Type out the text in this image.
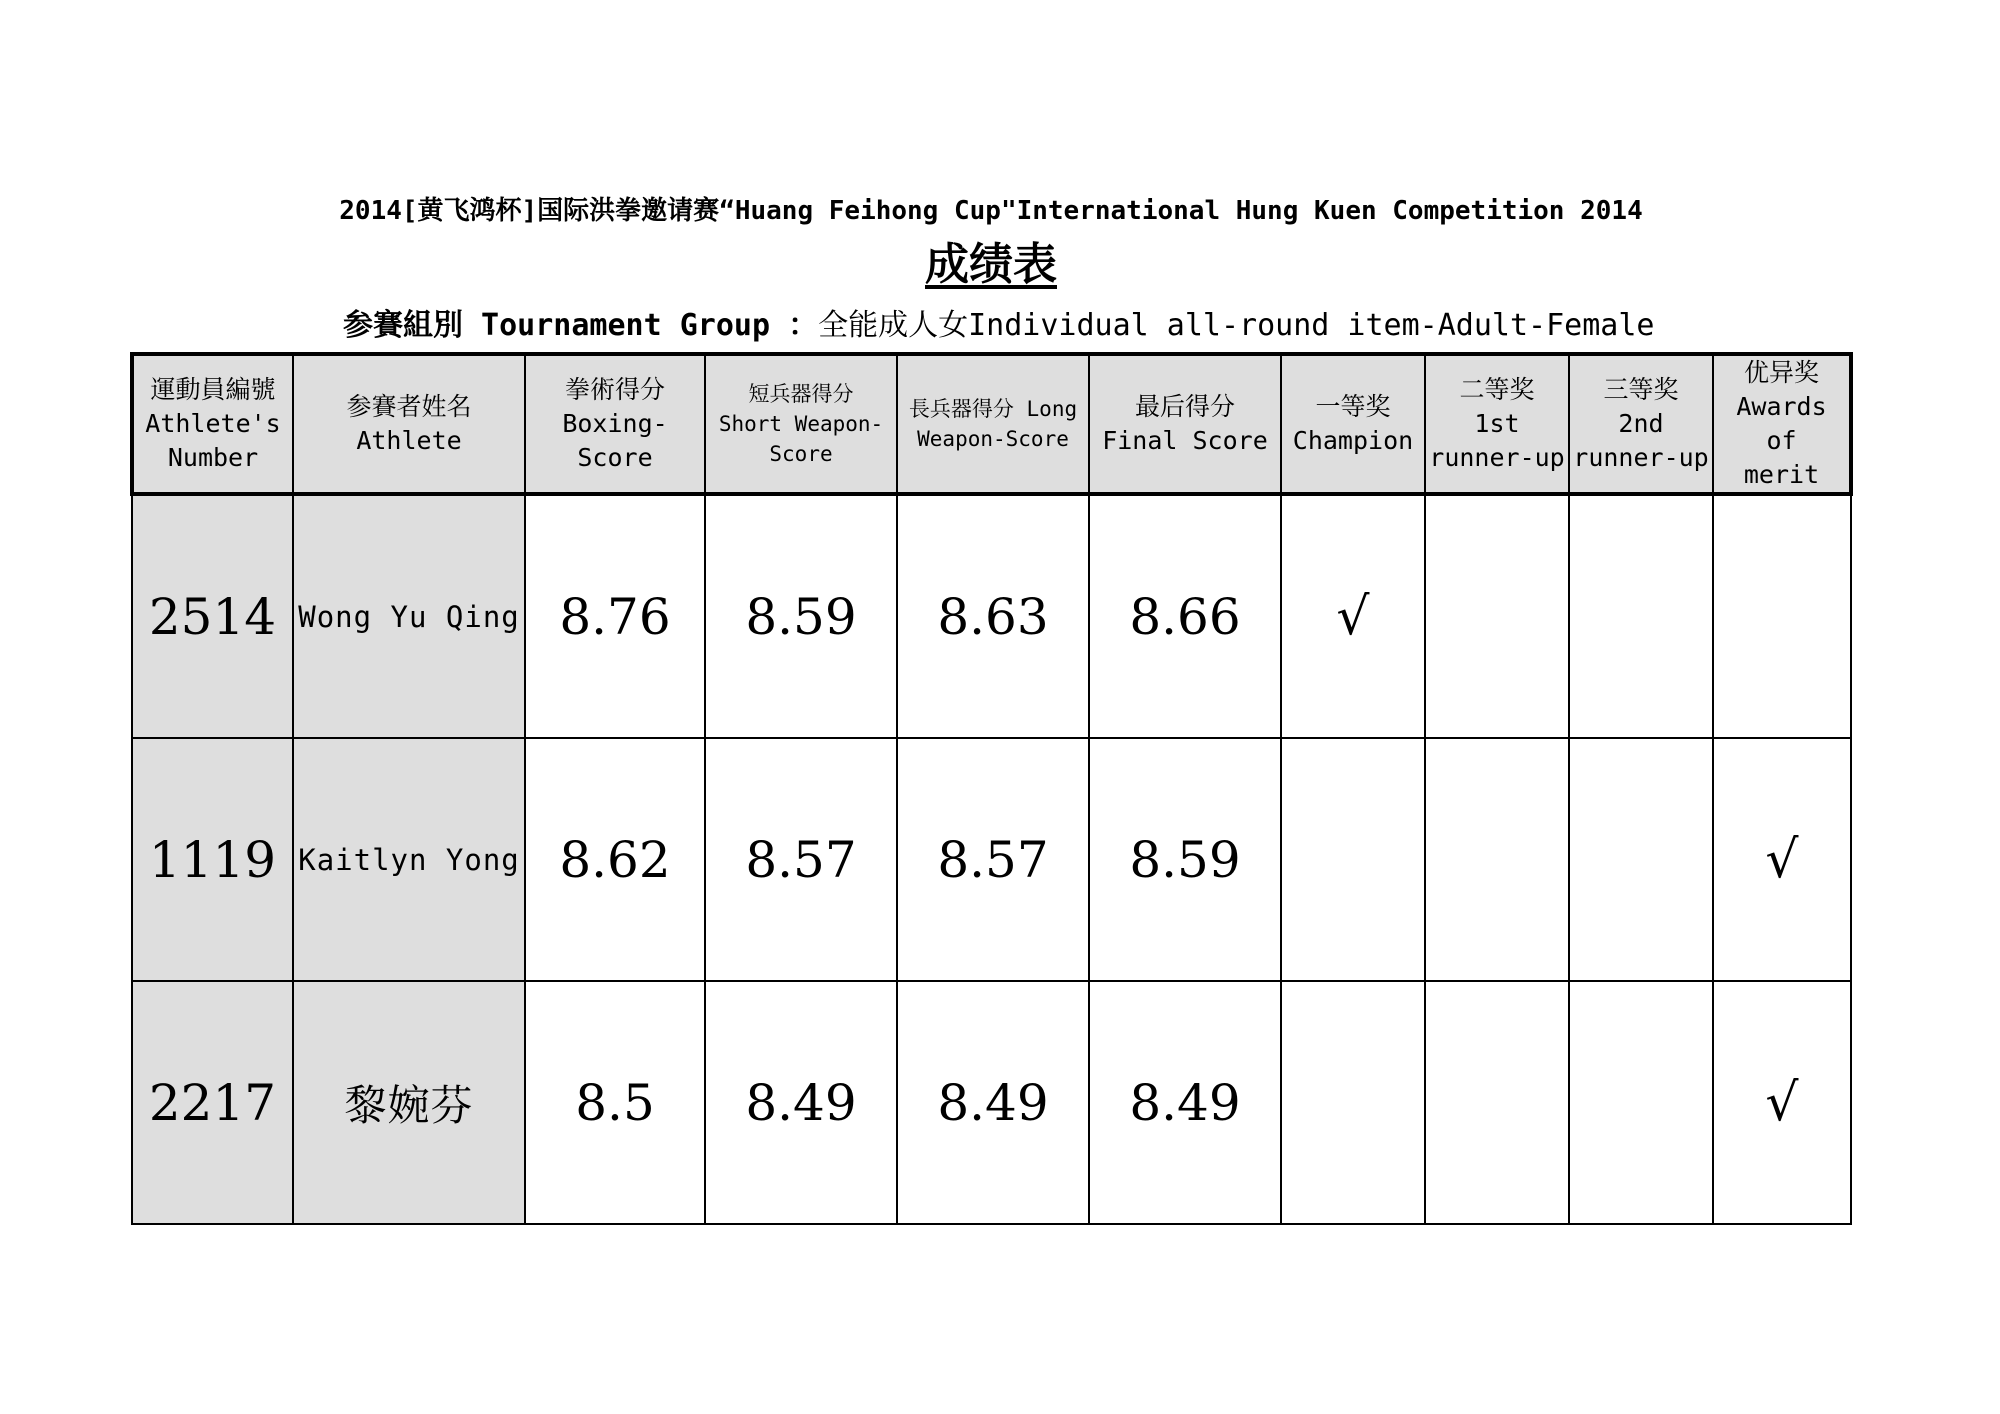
2014[黄飞鸿杯]国际洪拳邀请赛“Huang Feihong Cup"International Hung Kuen Competition 2014
成绩表
参賽組別 Tournament Group ：全能成人女Individual all-round item-Adult-Female
運動員編號
Athlete's
Number	参賽者姓名
Athlete	拳術得分
Boxing-
Score	短兵器得分
Short Weapon-
Score	長兵器得分 Long
Weapon-Score	最后得分
Final Score	一等奖
Champion	二等奖
1st
runner-up	三等奖
2nd
runner-up	优异奖
Awards of
merit
2514	Wong Yu Qing	8.76	8.59	8.63	8.66	√			
1119	Kaitlyn Yong	8.62	8.57	8.57	8.59				√
2217	黎婉芬	8.5	8.49	8.49	8.49				√
